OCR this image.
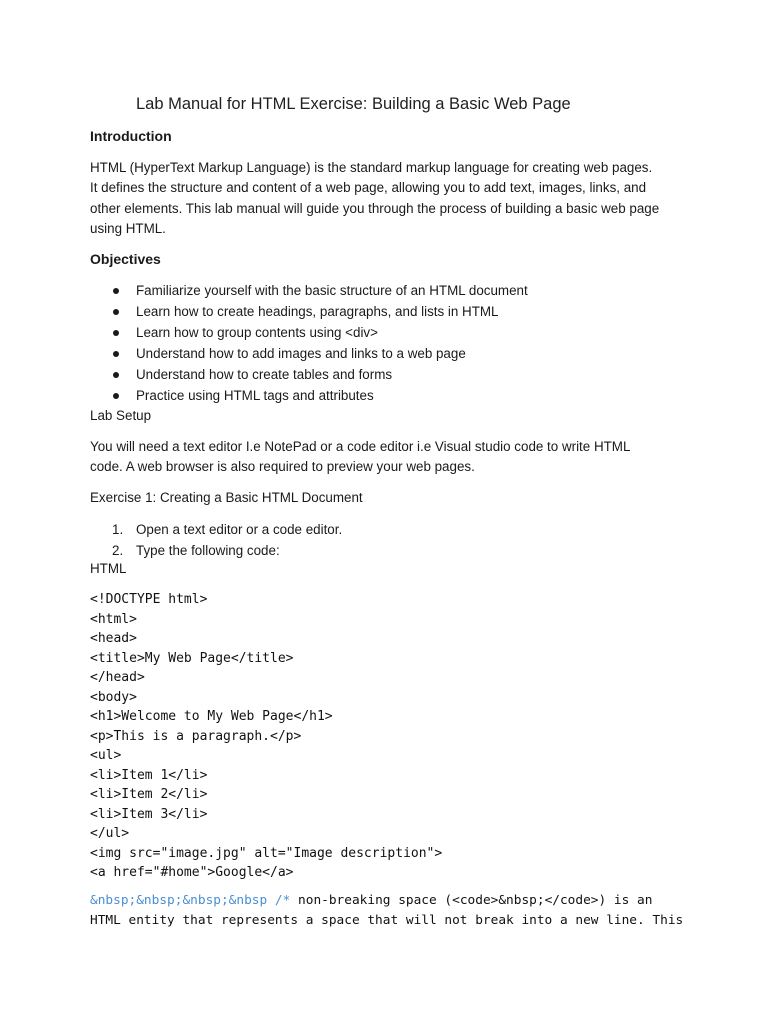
Lab Manual for HTML Exercise: Building a Basic Web Page
Introduction

HTML (HyperText Markup Language) is the standard markup language for creating web pages.
It defines the structure and content of a web page, allowing you to add text, images, links, and
other elements. This lab manual will guide you through the process of building a basic web page
using HTML.

Objectives
Familiarize yourself with the basic structure of an HTML document
Learn how to create headings, paragraphs, and lists in HTML
Learn how to group contents using <div>
Understand how to add images and links to a web page
Understand how to create tables and forms
Practice using HTML tags and attributes
Lab Setup

You will need a text editor I.e NotePad or a code editor i.e Visual studio code to write HTML
code. A web browser is also required to preview your web pages.

Exercise 1: Creating a Basic HTML Document
1. Open a text editor or a code editor.
2. Type the following code:
HTML
<!DOCTYPE html>
<html>
<head>
<title>My Web Page</title>
</head>
<body>
<h1>Welcome to My Web Page</h1>
<p>This is a paragraph.</p>
<ul>
<li>Item 1</li>
<li>Item 2</li>
<li>Item 3</li>
</ul>
<img src="image.jpg" alt="Image description">
<a href="#home">Google</a>
&nbsp;&nbsp;&nbsp;&nbsp /* non-breaking space (<code>&nbsp;</code>) is an
HTML entity that represents a space that will not break into a new line. This
